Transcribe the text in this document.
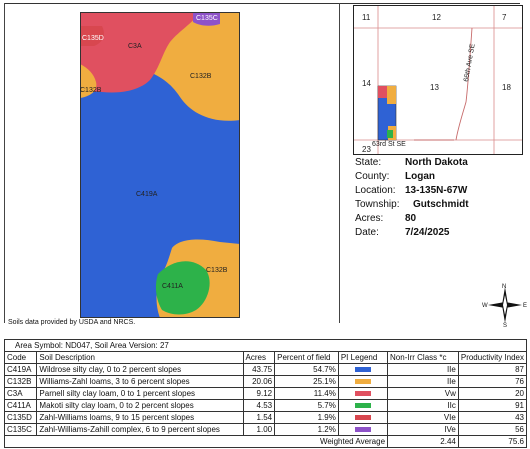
C135D
C135C
C3A
C132B
C132B
C419A
C132B
C411A
11	12	7
14	13	18
23
66th Ave SE
63rd St SE
State: North Dakota
County: Logan
Location: 13-135N-67W
Township: Gutschmidt
Acres: 80
Date:	7/24/2025
N
S
W	E
Soils data provided by USDA and NRCS.
Area Symbol: ND047, Soil Area Version: 27						
Code	Soil Description	Acres	Percent of field	PI Legend	Non-Irr Class *c	Productivity Index
C419A	Wildrose silty clay, 0 to 2 percent slopes	43.75	54.7%		IIe	87
C132B	Williams-Zahl loams, 3 to 6 percent slopes	20.06	25.1%		IIe	76
C3A	Parnell silty clay loam, 0 to 1 percent slopes	9.12	11.4%		Vw	20
C411A	Makoti silty clay loam, 0 to 2 percent slopes	4.53	5.7%		IIc	91
C135D	Zahl-Williams loams, 9 to 15 percent slopes	1.54	1.9%		VIe	43
C135C	Zahl-Williams-Zahill complex, 6 to 9 percent slopes	1.00	1.2%		IVe	56
Weighted Average					2.44	75.6
